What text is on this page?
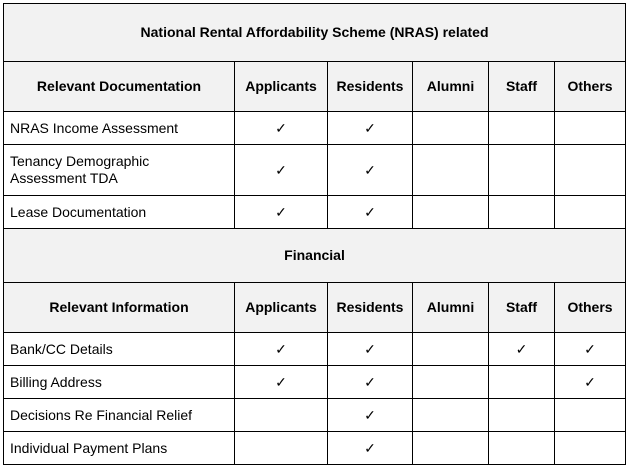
National Rental Affordability Scheme (NRAS) related					
Relevant Documentation	Applicants	Residents	Alumni	Staff	Others
NRAS Income Assessment	✓	✓			
Tenancy Demographic Assessment TDA	✓	✓			
Lease Documentation	✓	✓			
Financial					
Relevant Information	Applicants	Residents	Alumni	Staff	Others
Bank/CC Details	✓	✓		✓	✓
Billing Address	✓	✓			✓
Decisions Re Financial Relief		✓			
Individual Payment Plans		✓			
